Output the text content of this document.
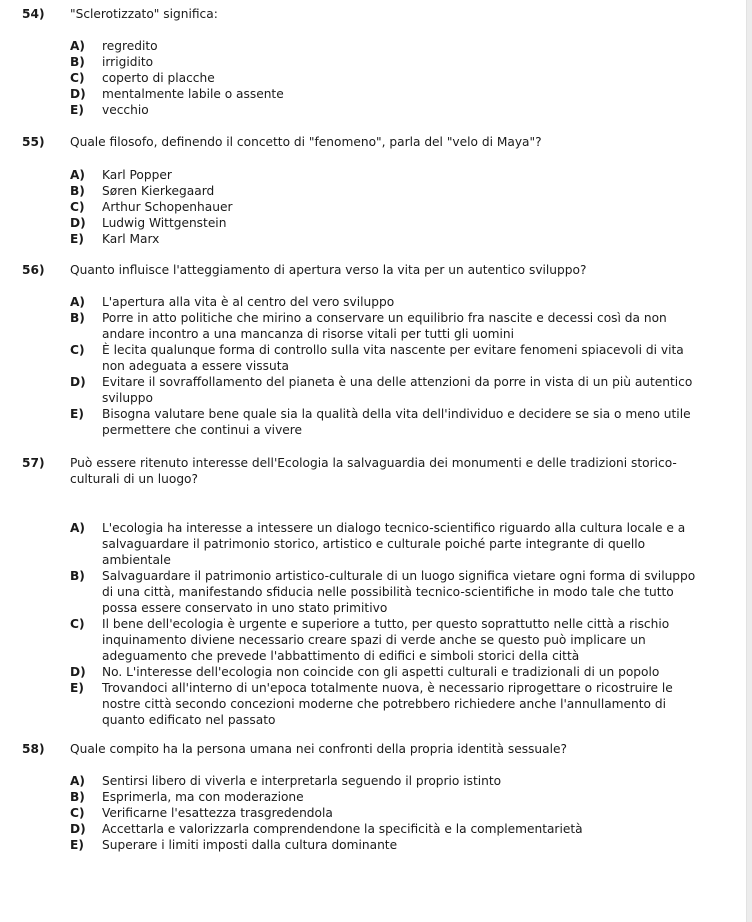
54)	"Sclerotizzato" significa:
A)	regredito
B)	irrigidito
C)	coperto di placche
D)	mentalmente labile o assente
E)	vecchio
55)	Quale filosofo, definendo il concetto di "fenomeno", parla del "velo di Maya"?
A)	Karl Popper
B)	Søren Kierkegaard
C)	Arthur Schopenhauer
D)	Ludwig Wittgenstein
E)	Karl Marx
56)	Quanto influisce l'atteggiamento di apertura verso la vita per un autentico sviluppo?
A)	L'apertura alla vita è al centro del vero sviluppo
B)	Porre in atto politiche che mirino a conservare un equilibrio fra nascite e decessi così da non andare incontro a una mancanza di risorse vitali per tutti gli uomini
C)	È lecita qualunque forma di controllo sulla vita nascente per evitare fenomeni spiacevoli di vita non adeguata a essere vissuta
D)	Evitare il sovraffollamento del pianeta è una delle attenzioni da porre in vista di un più autentico sviluppo
E)	Bisogna valutare bene quale sia la qualità della vita dell'individuo e decidere se sia o meno utile permettere che continui a vivere
57)	Può essere ritenuto interesse dell'Ecologia la salvaguardia dei monumenti e delle tradizioni storico-culturali di un luogo?
A)	L'ecologia ha interesse a intessere un dialogo tecnico-scientifico riguardo alla cultura locale e a salvaguardare il patrimonio storico, artistico e culturale poiché parte integrante di quello ambientale
B)	Salvaguardare il patrimonio artistico-culturale di un luogo significa vietare ogni forma di sviluppo di una città, manifestando sfiducia nelle possibilità tecnico-scientifiche in modo tale che tutto possa essere conservato in uno stato primitivo
C)	Il bene dell'ecologia è urgente e superiore a tutto, per questo soprattutto nelle città a rischio inquinamento diviene necessario creare spazi di verde anche se questo può implicare un adeguamento che prevede l'abbattimento di edifici e simboli storici della città
D)	No. L'interesse dell'ecologia non coincide con gli aspetti culturali e tradizionali di un popolo
E)	Trovandoci all'interno di un'epoca totalmente nuova, è necessario riprogettare o ricostruire le nostre città secondo concezioni moderne che potrebbero richiedere anche l'annullamento di quanto edificato nel passato
58)	Quale compito ha la persona umana nei confronti della propria identità sessuale?
A)	Sentirsi libero di viverla e interpretarla seguendo il proprio istinto
B)	Esprimerla, ma con moderazione
C)	Verificarne l'esattezza trasgredendola
D)	Accettarla e valorizzarla comprendendone la specificità e la complementarietà
E)	Superare i limiti imposti dalla cultura dominante
